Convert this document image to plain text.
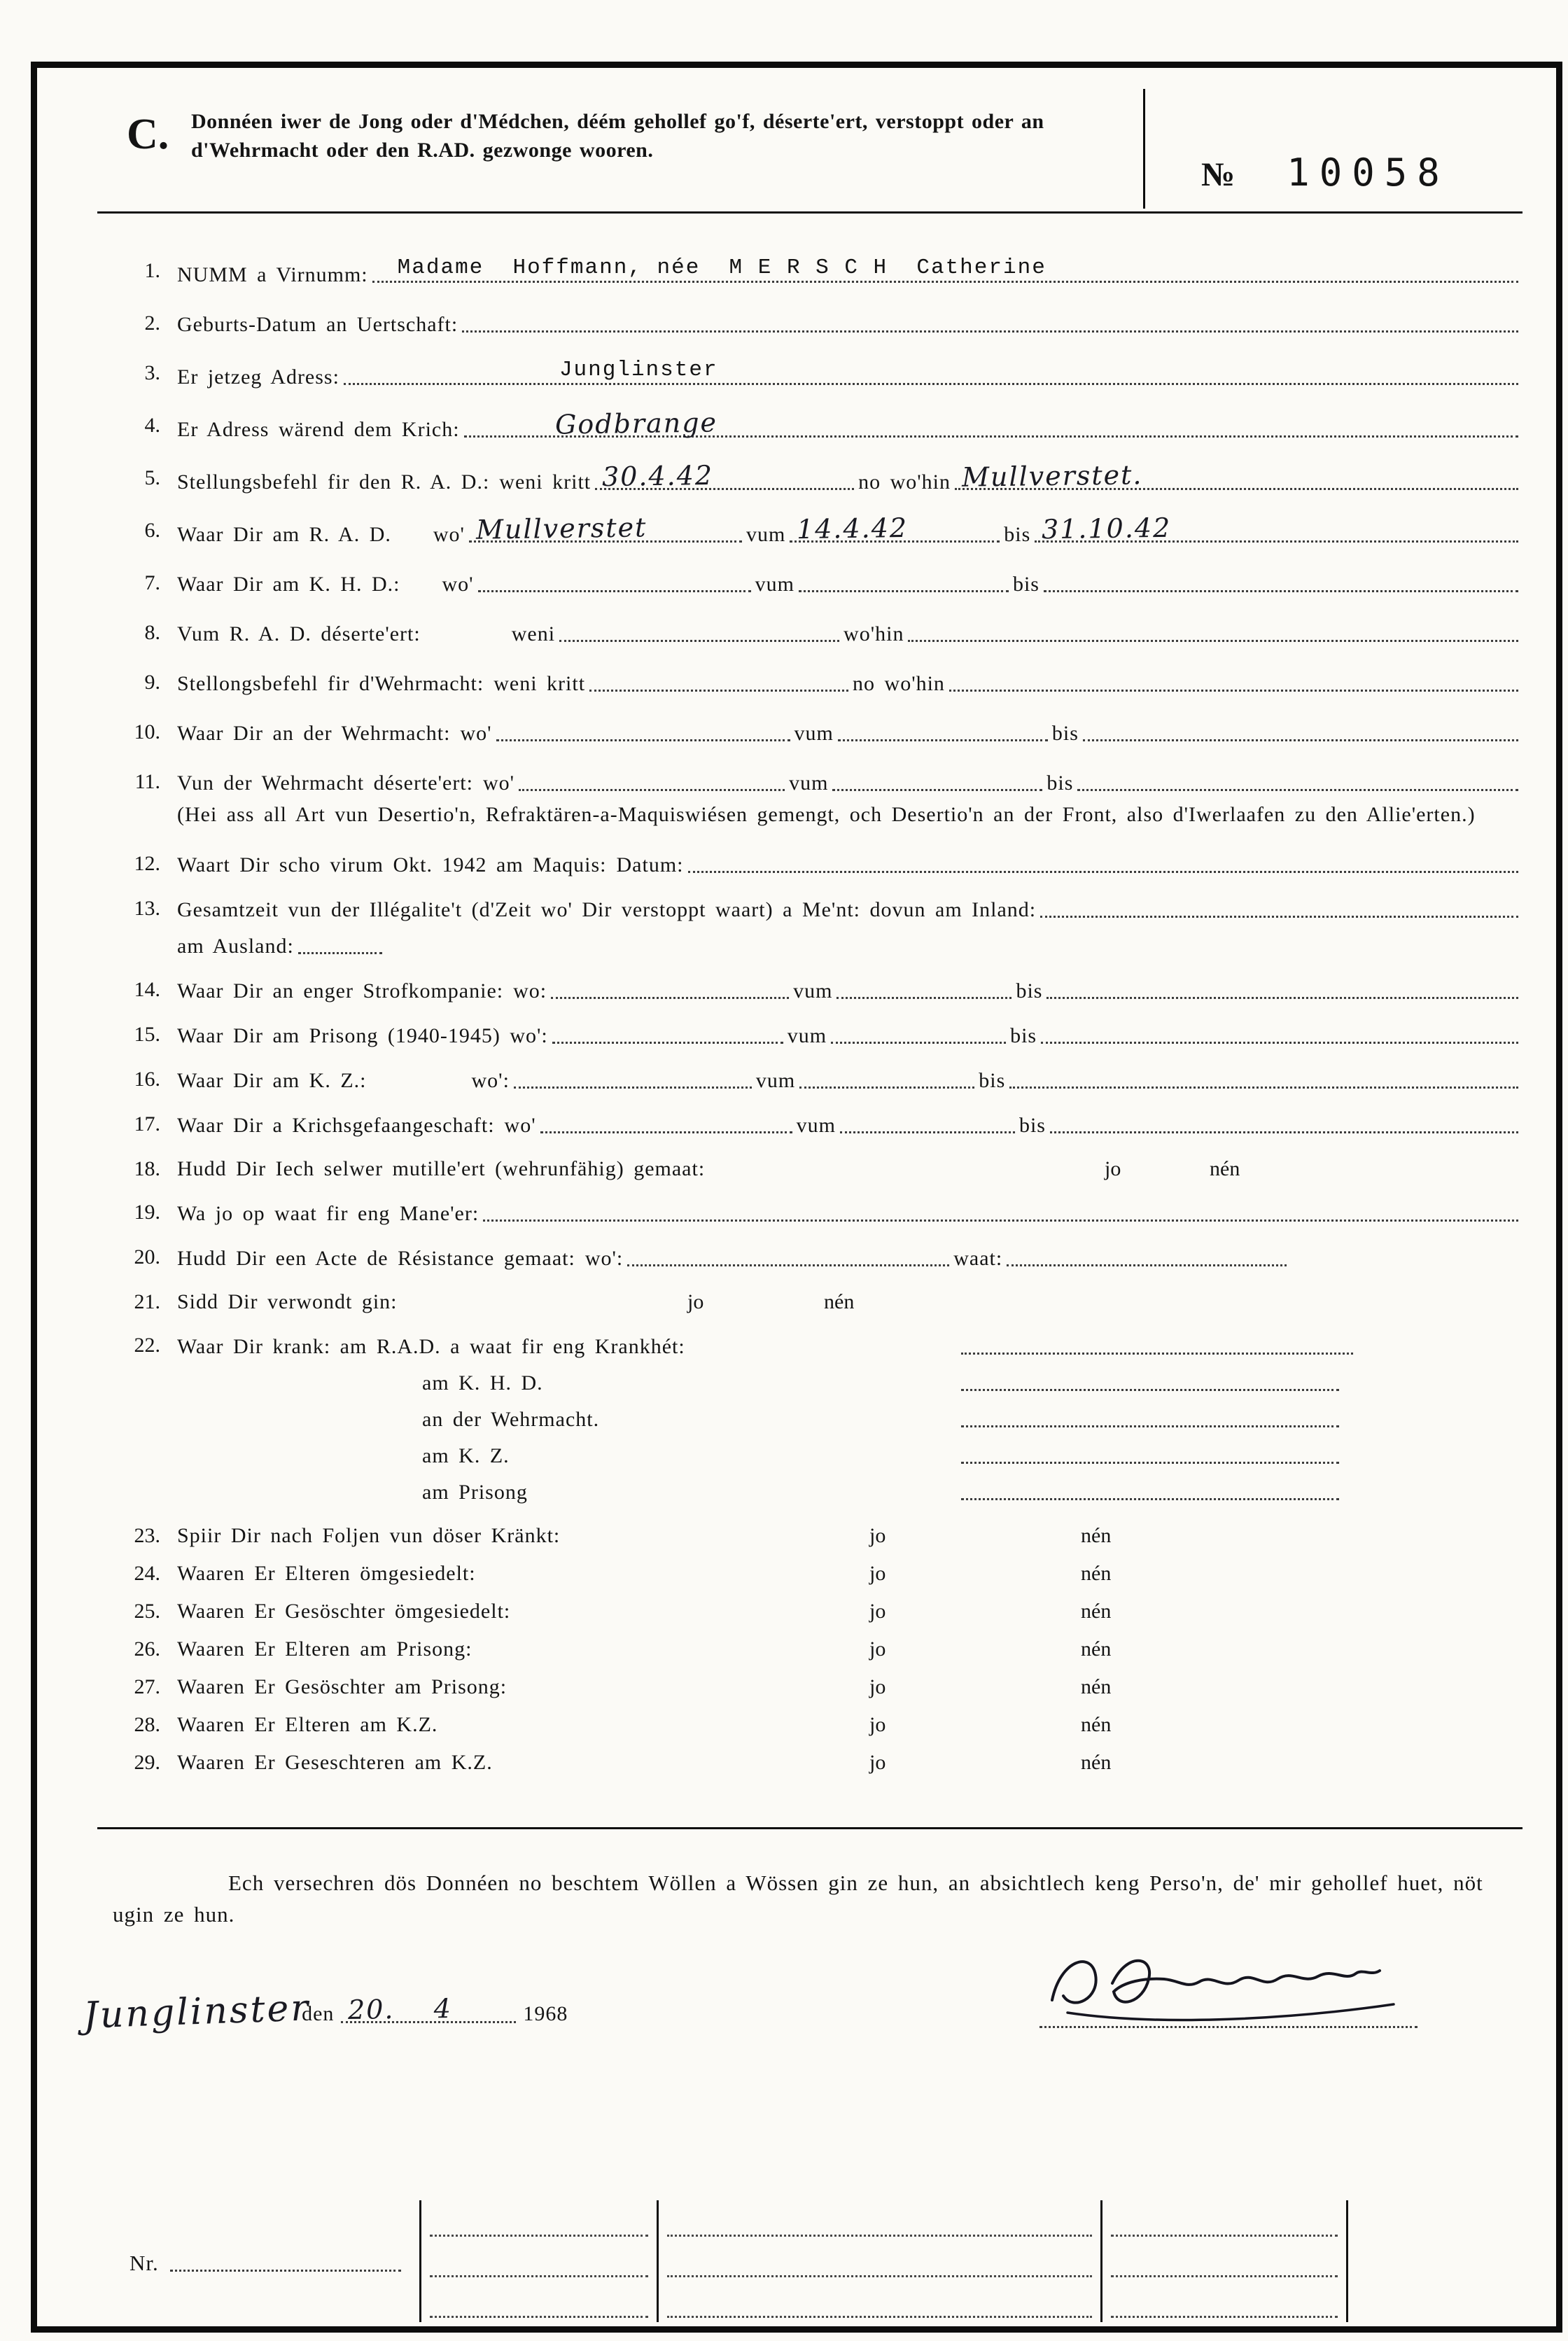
C.	Donnéen iwer de Jong oder d'Médchen, déém gehollef go'f, déserte'ert, verstoppt oder an d'Wehrmacht oder den R.AD. gezwonge wooren.
№ 10058
1. NUMM a Virnumm: Madame  Hoffmann, née  M E R S C H  Catherine
2. Geburts-Datum an Uertschaft:
3. Er jetzeg Adress:	Junglinster
4. Er Adress wärend dem Krich:	Godbrange
5. Stellungsbefehl fir den R. A. D.: weni kritt 30.4.42	no wo'hin Mullverstet.
6. Waar Dir am R. A. D. wo' Mullverstet	vum 14.4.42	bis 31.10.42
7. Waar Dir am K. H. D.: wo'	vum	bis
8. Vum R. A. D. déserte'ert:	weni	wo'hin
9. Stellongsbefehl fir d'Wehrmacht: weni kritt	no wo'hin
10. Waar Dir an der Wehrmacht: wo'	vum	bis
11. Vun der Wehrmacht déserte'ert: wo'	vum	bis
(Hei ass all Art vun Desertio'n, Refraktären-a-Maquiswiésen gemengt, och Desertio'n an der Front, also d'Iwerlaafen zu den Allie'erten.)
12. Waart Dir scho virum Okt. 1942 am Maquis: Datum:
13. Gesamtzeit vun der Illégalite't (d'Zeit wo' Dir verstoppt waart) a Me'nt: dovun am Inland:
am Ausland:
14. Waar Dir an enger Strofkompanie: wo:	vum	bis
15. Waar Dir am Prisong (1940-1945) wo':	vum	bis
16. Waar Dir am K. Z.:	wo':	vum	bis
17. Waar Dir a Krichsgefaangeschaft: wo'	vum	bis
18. Hudd Dir Iech selwer mutille'ert (wehrunfähig) gemaat:	jo	nén
19. Wa jo op waat fir eng Mane'er:
20. Hudd Dir een Acte de Résistance gemaat: wo':	waat:
21. Sidd Dir verwondt gin:	jo	nén
22. Waar Dir krank: am R.A.D. a waat fir eng Krankhét:
am K. H. D.
an der Wehrmacht.
am K. Z.
am Prisong
23. Spiir Dir nach Foljen vun döser Kränkt:	jo	nén
24. Waaren Er Elteren ömgesiedelt:	jo	nén
25. Waaren Er Gesöschter ömgesiedelt:	jo	nén
26. Waaren Er Elteren am Prisong:	jo	nén
27. Waaren Er Gesöschter am Prisong:	jo	nén
28. Waaren Er Elteren am K.Z.	jo	nén
29. Waaren Er Geseschteren am K.Z.	jo	nén

Ech versechren dös Donnéen no beschtem Wöllen a Wössen gin ze hun, an absichtlech keng Perso'n, de' mir gehollef huet, nöt ugin ze hun.

Junglinster
den 20.    4	1968
Nr.
